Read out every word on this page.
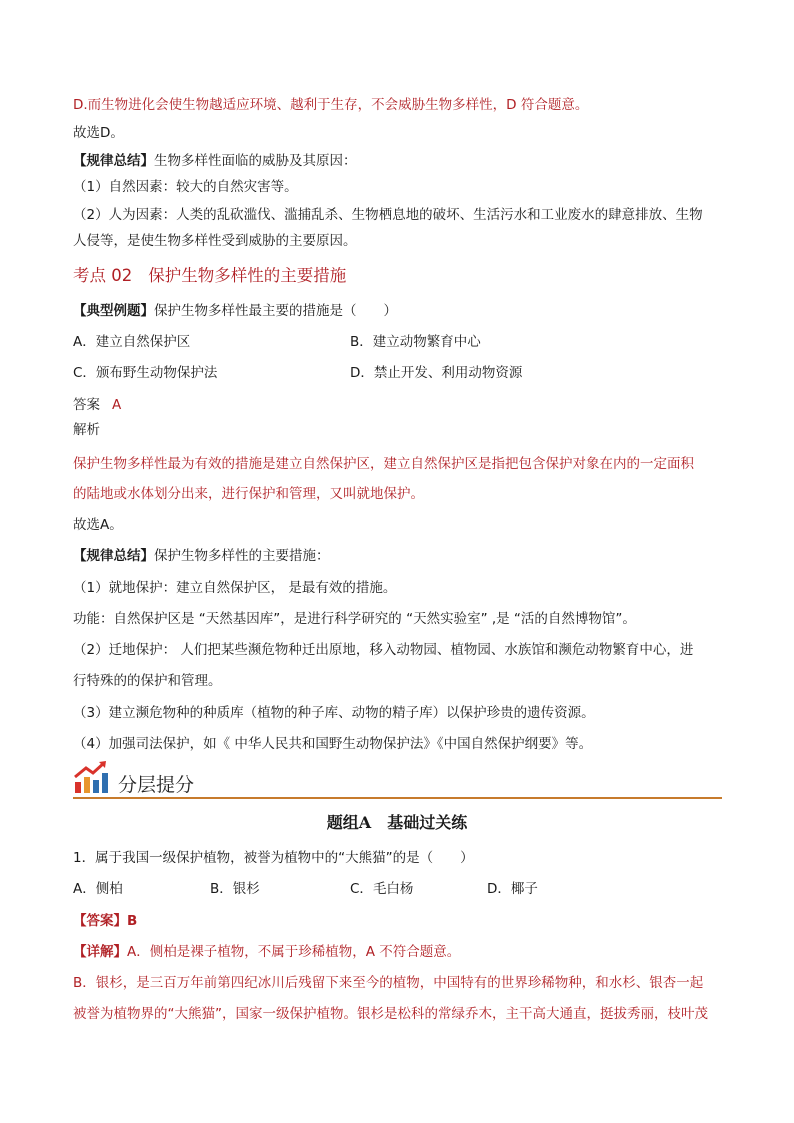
D.而生物进化会使生物越适应环境、越利于生存，不会威胁生物多样性，D 符合题意。
故选D。
【规律总结】生物多样性面临的威胁及其原因：
（1）自然因素：较大的自然灾害等。
（2）人为因素：人类的乱砍滥伐、滥捕乱杀、生物栖息地的破坏、生活污水和工业废水的肆意排放、生物
人侵等，是使生物多样性受到威胁的主要原因。
考点 02 保护生物多样性的主要措施
【典型例题】保护生物多样性最主要的措施是（　　）
A．建立自然保护区	B．建立动物繁育中心
C．颁布野生动物保护法	D．禁止开发、利用动物资源
答案 A
解析
保护生物多样性最为有效的措施是建立自然保护区，建立自然保护区是指把包含保护对象在内的一定面积
的陆地或水体划分出来，进行保护和管理，又叫就地保护。
故选A。
【规律总结】保护生物多样性的主要措施：
（1）就地保护：建立自然保护区， 是最有效的措施。
功能：自然保护区是 “天然基因库”，是进行科学研究的 “天然实验室” ,是 “活的自然博物馆”。
（2）迁地保护： 人们把某些濒危物种迁出原地，移入动物园、植物园、水族馆和濒危动物繁育中心，进
行特殊的的保护和管理。
（3）建立濒危物种的种质库（植物的种子库、动物的精子库）以保护珍贵的遗传资源。
（4）加强司法保护，如《 中华人民共和国野生动物保护法》《中国自然保护纲要》等。
分层提分
题组A　基础过关练
1．属于我国一级保护植物，被誉为植物中的“大熊猫”的是（　　）
A．侧柏	B．银杉	C．毛白杨	D．椰子
【答案】B
【详解】A．侧柏是裸子植物，不属于珍稀植物，A 不符合题意。
B．银杉，是三百万年前第四纪冰川后残留下来至今的植物，中国特有的世界珍稀物种，和水杉、银杏一起
被誉为植物界的“大熊猫”，国家一级保护植物。银杉是松科的常绿乔木，主干高大通直，挺拔秀丽，枝叶茂
